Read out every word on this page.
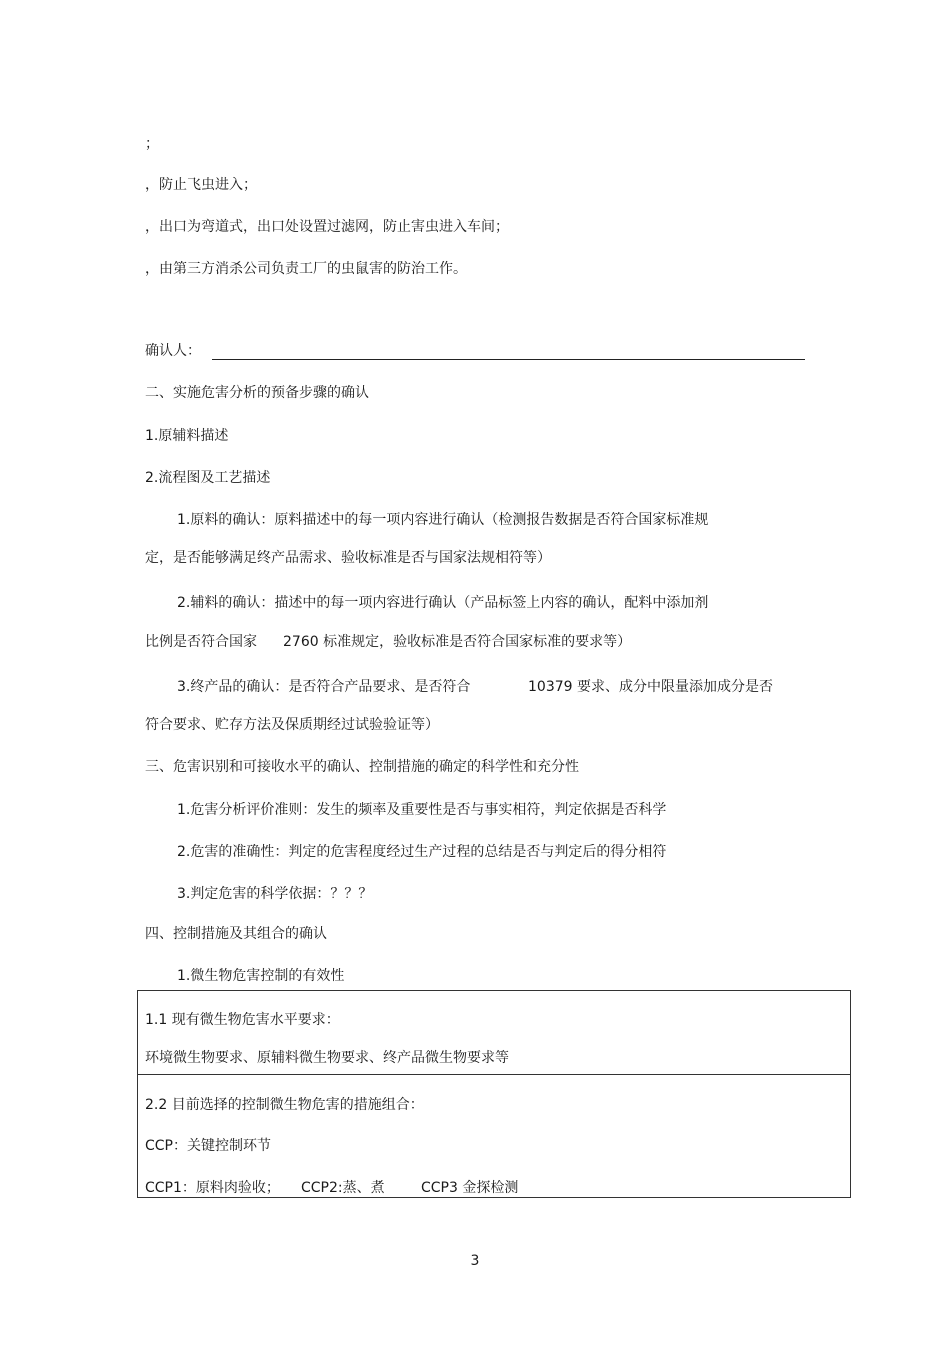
；
，防止飞虫进入；
，出口为弯道式，出口处设置过滤网，防止害虫进入车间；
，由第三方消杀公司负责工厂的虫鼠害的防治工作。
确认人：
二、实施危害分析的预备步骤的确认
1.原辅料描述
2.流程图及工艺描述
1.原料的确认：原料描述中的每一项内容进行确认（检测报告数据是否符合国家标准规
定，是否能够满足终产品需求、验收标准是否与国家法规相符等）
2.辅料的确认：描述中的每一项内容进行确认（产品标签上内容的确认，配料中添加剂
比例是否符合国家 2760 标准规定，验收标准是否符合国家标准的要求等）
3.终产品的确认：是否符合产品要求、是否符合	10379 要求、成分中限量添加成分是否
符合要求、贮存方法及保质期经过试验验证等）
三、危害识别和可接收水平的确认、控制措施的确定的科学性和充分性
1.危害分析评价准则：发生的频率及重要性是否与事实相符，判定依据是否科学
2.危害的准确性：判定的危害程度经过生产过程的总结是否与判定后的得分相符
3.判定危害的科学依据：？？？
四、控制措施及其组合的确认
1.微生物危害控制的有效性
1.1 现有微生物危害水平要求：
环境微生物要求、原辅料微生物要求、终产品微生物要求等
2.2 目前选择的控制微生物危害的措施组合：
CCP：关键控制环节
CCP1：原料肉验收； CCP2:蒸、煮	CCP3 金探检测
3
